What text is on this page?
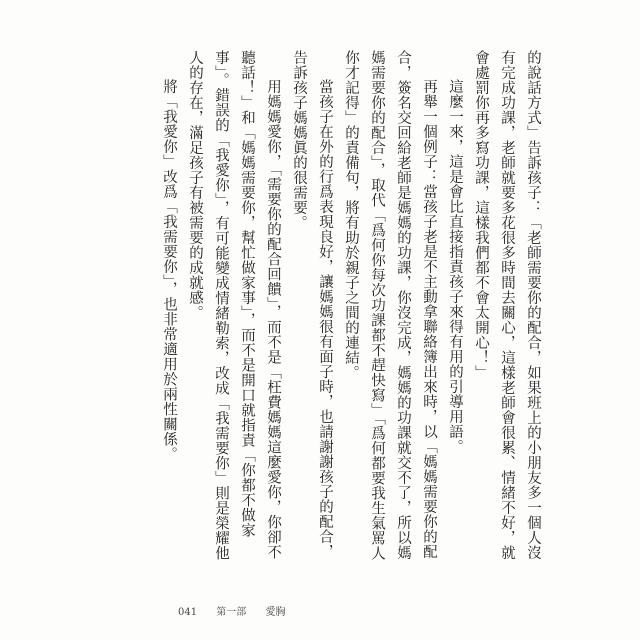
的說話方式」告訴孩子：「老師需要你的配合，如果班上的小朋友多一個人沒有完成功課，老師就要多花很多時間去關心，這樣老師會很累、情緒不好，就會處罰你再多寫功課，這樣我們都不會太開心！」

這麼一來，這是會比直接指責孩子來得有用的引導用語。

再舉一個例子：當孩子老是不主動拿聯絡簿出來時，以「媽媽需要你的配合，簽名交回給老師是媽媽的功課，你沒完成，媽媽的功課就交不了，所以媽媽需要你的配合」，取代「爲何你每次功課都不趕快寫」「爲何都要我生氣罵人你才記得」的責備句，將有助於親子之間的連結。

當孩子在外的行爲表現良好，讓媽媽很有面子時，也請謝謝孩子的配合，告訴孩子媽媽眞的很需要。

用媽媽愛你，「需要你的配合回饋」，而不是「枉費媽媽這麼愛你，你卻不聽話！」和「媽媽需要你，幫忙做家事」，而不是開口就指責「你都不做家事」。錯誤的「我愛你」，有可能變成情緒勒索，改成「我需要你」則是榮耀他人的存在，滿足孩子有被需要的成就感。

將「我愛你」改爲「我需要你」，也非常適用於兩性關係。

041 第一部 愛胸
